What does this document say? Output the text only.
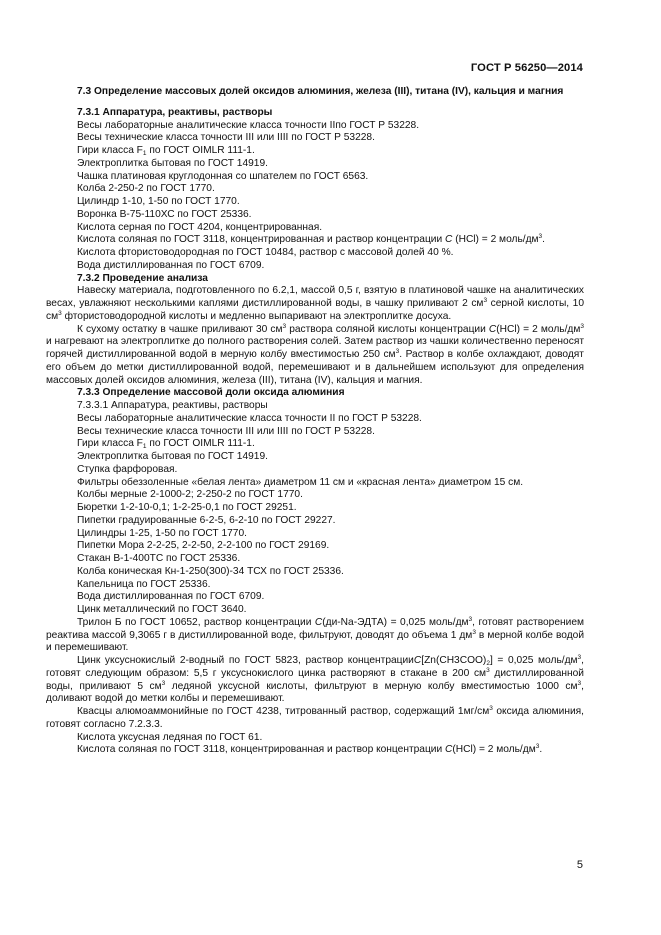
ГОСТ Р 56250—2014

7.3 Определение массовых долей оксидов алюминия, железа (III), титана (IV), кальция и магния

7.3.1 Аппаратура, реактивы, растворы

Весы лабораторные аналитические класса точности IIпо ГОСТ Р 53228.

Весы технические класса точности III или IIII по ГОСТ Р 53228.

Гири класса $F_1$ по ГОСТ OIMLR 111-1.

Электроплитка бытовая по ГОСТ 14919.

Чашка платиновая круглодонная со шпателем по ГОСТ 6563.

Колба 2-250-2 по ГОСТ 1770.

Цилиндр 1-10, 1-50 по ГОСТ 1770.

Воронка В-75-110ХС по ГОСТ 25336.

Кислота серная по ГОСТ 4204, концентрированная.

Кислота соляная по ГОСТ 3118, концентрированная и раствор концентрации С (HCl) = 2 моль/$дм^3$.

Кислота фтористоводородная по ГОСТ 10484, раствор с массовой долей 40 %.

Вода дистиллированная по ГОСТ 6709.

7.3.2 Проведение анализа

Навеску материала, подготовленного по 6.2,1, массой 0,5 г, взятую в платиновой чашке на аналитических весах, увлажняют несколькими каплями дистиллированной воды, в чашку приливают 2 $см^3$ серной кислоты, 10 $см^3$ фтористоводородной кислоты и медленно выпаривают на электроплитке досуха.

К сухому остатку в чашке приливают 30 $см^3$ раствора соляной кислоты концентрации С(HCl) = 2 моль/$дм^3$ и нагревают на электроплитке до полного растворения солей. Затем раствор из чашки количественно переносят горячей дистиллированной водой в мерную колбу вместимостью 250 $см^3$. Раствор в колбе охлаждают, доводят его объем до метки дистиллированной водой, перемешивают и в дальнейшем используют для определения массовых долей оксидов алюминия, железа (III), титана (IV), кальция и магния.

7.3.3 Определение массовой доли оксида алюминия

7.3.3.1 Аппаратура, реактивы, растворы

Весы лабораторные аналитические класса точности II по ГОСТ Р 53228.

Весы технические класса точности III или IIII по ГОСТ Р 53228.

Гири класса $F_1$ по ГОСТ OIMLR 111-1.

Электроплитка бытовая по ГОСТ 14919.

Ступка фарфоровая.

Фильтры обеззоленные «белая лента» диаметром 11 см и «красная лента» диаметром 15 см.

Колбы мерные 2-1000-2; 2-250-2 по ГОСТ 1770.

Бюретки 1-2-10-0,1; 1-2-25-0,1 по ГОСТ 29251.

Пипетки градуированные 6-2-5, 6-2-10 по ГОСТ 29227.

Цилиндры 1-25, 1-50 по ГОСТ 1770.

Пипетки Мора 2-2-25, 2-2-50, 2-2-100 по ГОСТ 29169.

Стакан В-1-400ТС по ГОСТ 25336.

Колба коническая Кн-1-250(300)-34 ТСХ по ГОСТ 25336.

Капельница по ГОСТ 25336.

Вода дистиллированная по ГОСТ 6709.

Цинк металлический по ГОСТ 3640.

Трилон Б по ГОСТ 10652, раствор концентрации С(ди-Na-ЭДТА) = 0,025 моль/$дм^3$, готовят растворением реактива массой 9,3065 г в дистиллированной воде, фильтруют, доводят до объема 1 $дм^3$ в мерной колбе водой и перемешивают.

Цинк уксуснокислый 2-водный по ГОСТ 5823, раствор $концентрацииС[Zn(CH3COO)_2] = 0,025$ моль/$дм^3$, готовят следующим образом: 5,5 г уксуснокислого цинка растворяют в стакане в 200 $см^3$ дистиллированной воды, приливают 5 $см^3$ ледяной уксусной кислоты, фильтруют в мерную колбу вместимостью 1000 $см^3$, доливают водой до метки колбы и перемешивают.

Квасцы алюмоаммонийные по ГОСТ 4238, титрованный раствор, содержащий $1мг/см^3$ оксида алюминия, готовят согласно 7.2.3.3.

Кислота уксусная ледяная по ГОСТ 61.

Кислота соляная по ГОСТ 3118, концентрированная и раствор концентрации С(HCl) = 2 моль/$дм^3$.

5
